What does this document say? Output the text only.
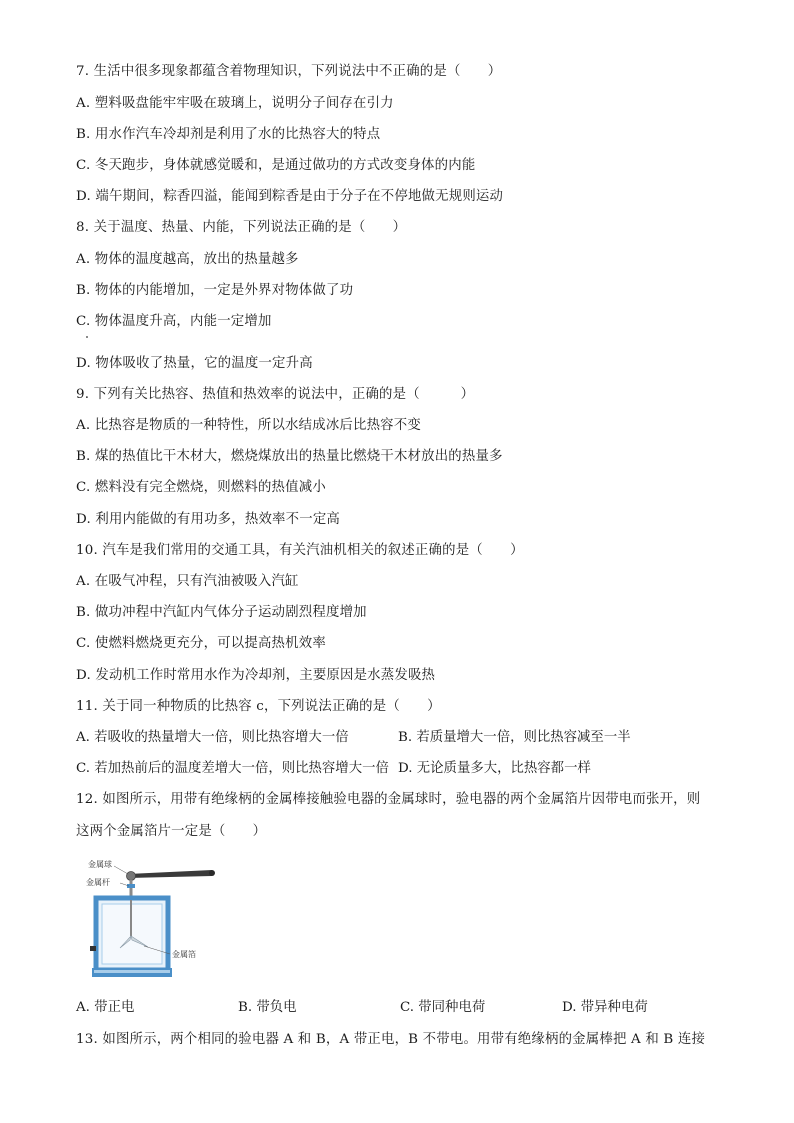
7. 生活中很多现象都蕴含着物理知识，下列说法中不正确的是（　　）
A. 塑料吸盘能牢牢吸在玻璃上，说明分子间存在引力
B. 用水作汽车冷却剂是利用了水的比热容大的特点
C. 冬天跑步，身体就感觉暖和，是通过做功的方式改变身体的内能
D. 端午期间，粽香四溢，能闻到粽香是由于分子在不停地做无规则运动
8. 关于温度、热量、内能，下列说法正确的是（　　）
A. 物体的温度越高，放出的热量越多
B. 物体的内能增加，一定是外界对物体做了功
C. 物体温度升高，内能一定增加
D. 物体吸收了热量，它的温度一定升高
9. 下列有关比热容、热值和热效率的说法中，正确的是（　　　）
A. 比热容是物质的一种特性，所以水结成冰后比热容不变
B. 煤的热值比干木材大，燃烧煤放出的热量比燃烧干木材放出的热量多
C. 燃料没有完全燃烧，则燃料的热值减小
D. 利用内能做的有用功多，热效率不一定高
10. 汽车是我们常用的交通工具，有关汽油机相关的叙述正确的是（　　）
A. 在吸气冲程，只有汽油被吸入汽缸
B. 做功冲程中汽缸内气体分子运动剧烈程度增加
C. 使燃料燃烧更充分，可以提高热机效率
D. 发动机工作时常用水作为冷却剂，主要原因是水蒸发吸热
11. 关于同一种物质的比热容 c，下列说法正确的是（　　）
A. 若吸收的热量增大一倍，则比热容增大一倍	B. 若质量增大一倍，则比热容减至一半
C. 若加热前后的温度差增大一倍，则比热容增大一倍 D. 无论质量多大，比热容都一样
12. 如图所示，用带有绝缘柄的金属棒接触验电器的金属球时，验电器的两个金属箔片因带电而张开，则
这两个金属箔片一定是（　　）
金属球
金属杆
金属箔
A. 带正电	B. 带负电	C. 带同种电荷	D. 带异种电荷
13. 如图所示，两个相同的验电器 A 和 B，A 带正电，B 不带电。用带有绝缘柄的金属棒把 A 和 B 连接
